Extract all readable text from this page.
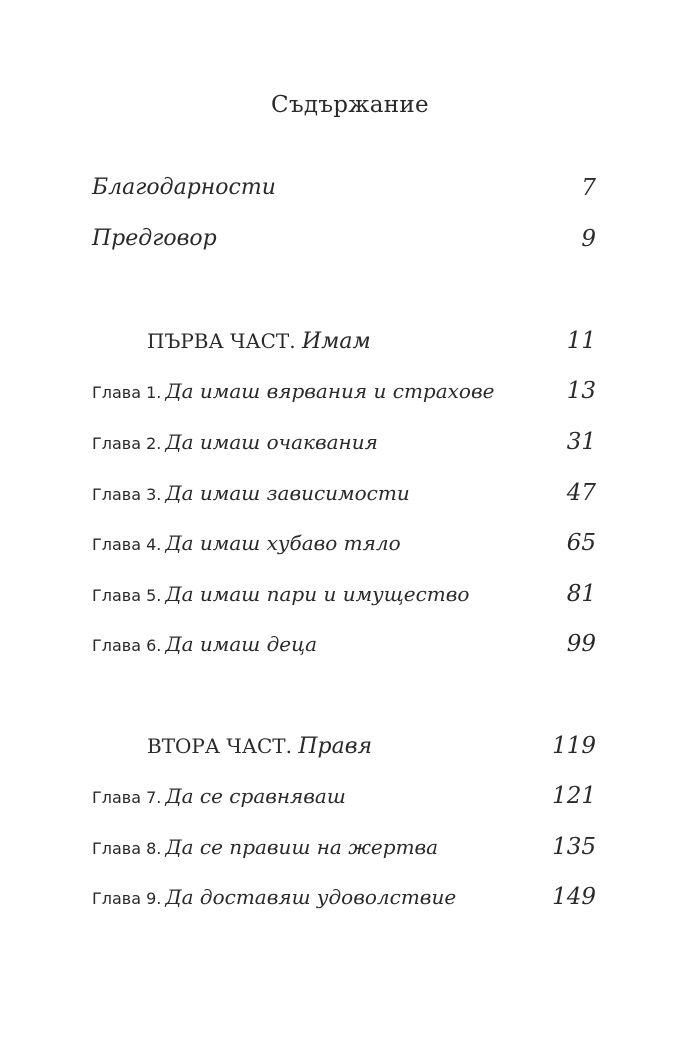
Съдържание
Благодарности	7
Предговор	9
ПЪРВА ЧАСТ. Имам	11
Глава 1. Да имаш вярвания и страхове	13
Глава 2. Да имаш очаквания	31
Глава 3. Да имаш зависимости	47
Глава 4. Да имаш хубаво тяло	65
Глава 5. Да имаш пари и имущество	81
Глава 6. Да имаш деца	99
ВТОРА ЧАСТ. Правя	119
Глава 7. Да се сравняваш	121
Глава 8. Да се правиш на жертва	135
Глава 9. Да доставяш удоволствие	149
